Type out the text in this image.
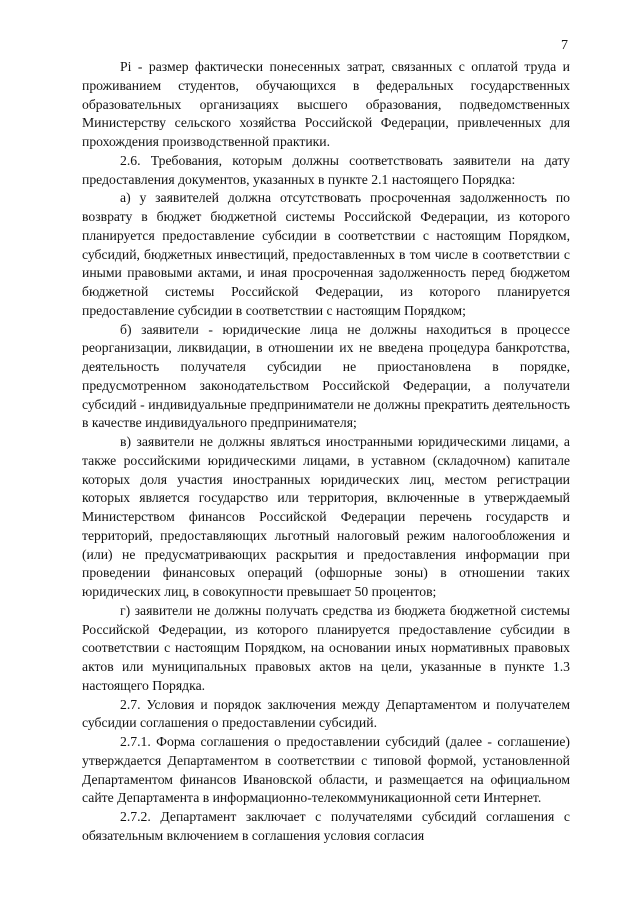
7

Pi - размер фактически понесенных затрат, связанных с оплатой труда и проживанием студентов, обучающихся в федеральных государственных образовательных организациях высшего образования, подведомственных Министерству сельского хозяйства Российской Федерации, привлеченных для прохождения производственной практики.

2.6. Требования, которым должны соответствовать заявители на дату предоставления документов, указанных в пункте 2.1 настоящего Порядка:

а) у заявителей должна отсутствовать просроченная задолженность по возврату в бюджет бюджетной системы Российской Федерации, из которого планируется предоставление субсидии в соответствии с настоящим Порядком, субсидий, бюджетных инвестиций, предоставленных в том числе в соответствии с иными правовыми актами, и иная просроченная задолженность перед бюджетом бюджетной системы Российской Федерации, из которого планируется предоставление субсидии в соответствии с настоящим Порядком;

б) заявители - юридические лица не должны находиться в процессе реорганизации, ликвидации, в отношении их не введена процедура банкротства, деятельность получателя субсидии не приостановлена в порядке, предусмотренном законодательством Российской Федерации, а получатели субсидий - индивидуальные предприниматели не должны прекратить деятельность в качестве индивидуального предпринимателя;

в) заявители не должны являться иностранными юридическими лицами, а также российскими юридическими лицами, в уставном (складочном) капитале которых доля участия иностранных юридических лиц, местом регистрации которых является государство или территория, включенные в утверждаемый Министерством финансов Российской Федерации перечень государств и территорий, предоставляющих льготный налоговый режим налогообложения и (или) не предусматривающих раскрытия и предоставления информации при проведении финансовых операций (офшорные зоны) в отношении таких юридических лиц, в совокупности превышает 50 процентов;

г) заявители не должны получать средства из бюджета бюджетной системы Российской Федерации, из которого планируется предоставление субсидии в соответствии с настоящим Порядком, на основании иных нормативных правовых актов или муниципальных правовых актов на цели, указанные в пункте 1.3 настоящего Порядка.

2.7. Условия и порядок заключения между Департаментом и получателем субсидии соглашения о предоставлении субсидий.

2.7.1. Форма соглашения о предоставлении субсидий (далее - соглашение) утверждается Департаментом в соответствии с типовой формой, установленной Департаментом финансов Ивановской области, и размещается на официальном сайте Департамента в информационно-телекоммуникационной сети Интернет.

2.7.2. Департамент заключает с получателями субсидий соглашения с обязательным включением в соглашения условия согласия
